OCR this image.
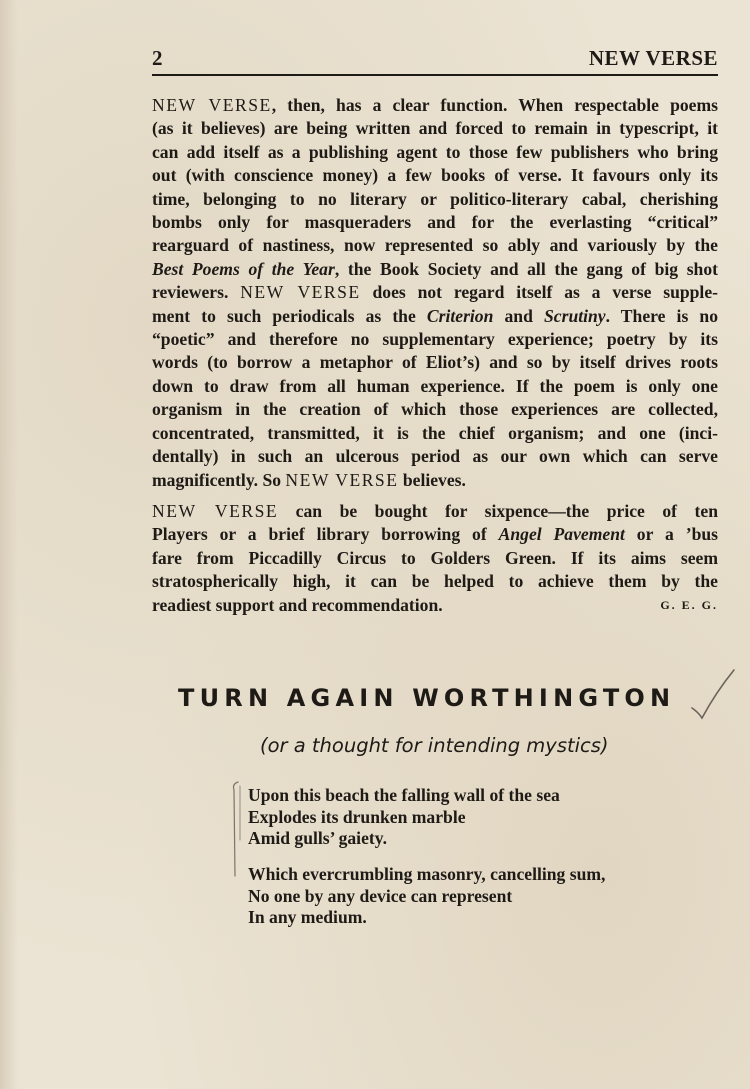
2	NEW VERSE

NEW VERSE, then, has a clear function. When respectable poems
(as it believes) are being written and forced to remain in typescript, it
can add itself as a publishing agent to those few publishers who bring
out (with conscience money) a few books of verse. It favours only its
time, belonging to no literary or politico-literary cabal, cherishing
bombs only for masqueraders and for the everlasting “critical”
rearguard of nastiness, now represented so ably and variously by the
Best Poems of the Year, the Book Society and all the gang of big shot
reviewers. NEW VERSE does not regard itself as a verse supple-
ment to such periodicals as the Criterion and Scrutiny. There is no
“poetic” and therefore no supplementary experience; poetry by its
words (to borrow a metaphor of Eliot’s) and so by itself drives roots
down to draw from all human experience. If the poem is only one
organism in the creation of which those experiences are collected,
concentrated, transmitted, it is the chief organism; and one (inci-
dentally) in such an ulcerous period as our own which can serve
magnificently. So NEW VERSE believes.

NEW VERSE can be bought for sixpence—the price of ten
Players or a brief library borrowing of Angel Pavement or a ’bus
fare from Piccadilly Circus to Golders Green. If its aims seem
stratospherically high, it can be helped to achieve them by the
readiest support and recommendation.	G. E. G.

TURN AGAIN WORTHINGTON
(or a thought for intending mystics)

Upon this beach the falling wall of the sea
Explodes its drunken marble
Amid gulls’ gaiety.

Which evercrumbling masonry, cancelling sum,
No one by any device can represent
In any medium.
